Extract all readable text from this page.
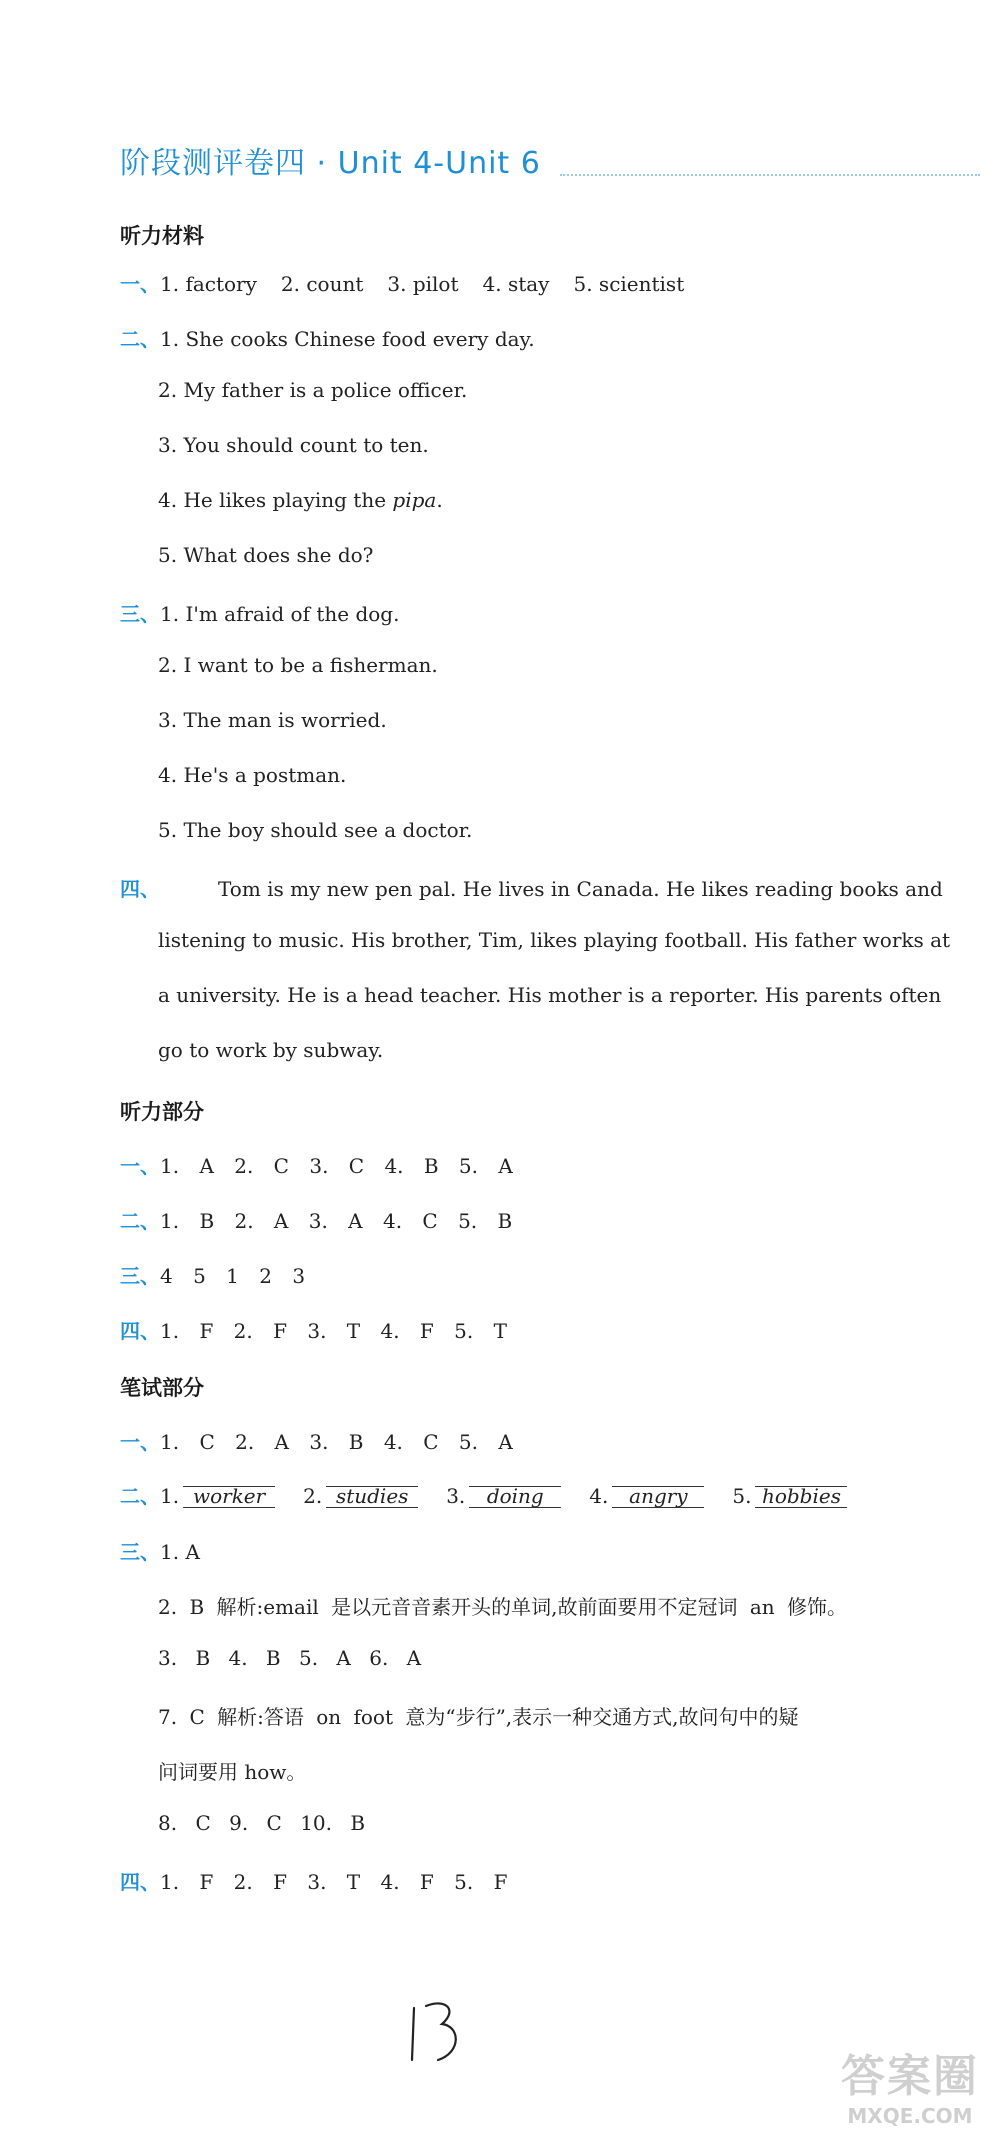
阶段测评卷四 · Unit 4-Unit 6
听力材料
一、1. factory 2. count 3. pilot 4. stay 5. scientist
二、1. She cooks Chinese food every day.
2. My father is a police officer.
3. You should count to ten.
4. He likes playing the pipa.
5. What does she do?
三、1. I'm afraid of the dog.
2. I want to be a fisherman.
3. The man is worried.
4. He's a postman.
5. The boy should see a doctor.
四、	Tom is my new pen pal. He lives in Canada. He likes reading books and
listening to music. His brother, Tim, likes playing football. His father works at
a university. He is a head teacher. His mother is a reporter. His parents often
go to work by subway.
听力部分
一、1. A 2. C 3. C 4. B 5. A
二、1. B 2. A 3. A 4. C 5. B
三、4 5 1 2 3
四、1. F 2. F 3. T 4. F 5. T
笔试部分
一、1. C 2. A 3. B 4. C 5. A
二、1. worker 2. studies 3. doing 4. angry 5. hobbies
三、1. A
2. B 解析:email 是以元音音素开头的单词,故前面要用不定冠词 an 修饰。
3. B 4. B 5. A 6. A
7. C 解析:答语 on foot 意为“步行”,表示一种交通方式,故问句中的疑
问词要用 how。
8. C 9. C 10. B
四、1. F 2. F 3. T 4. F 5. F
答案圈
MXQE.COM
